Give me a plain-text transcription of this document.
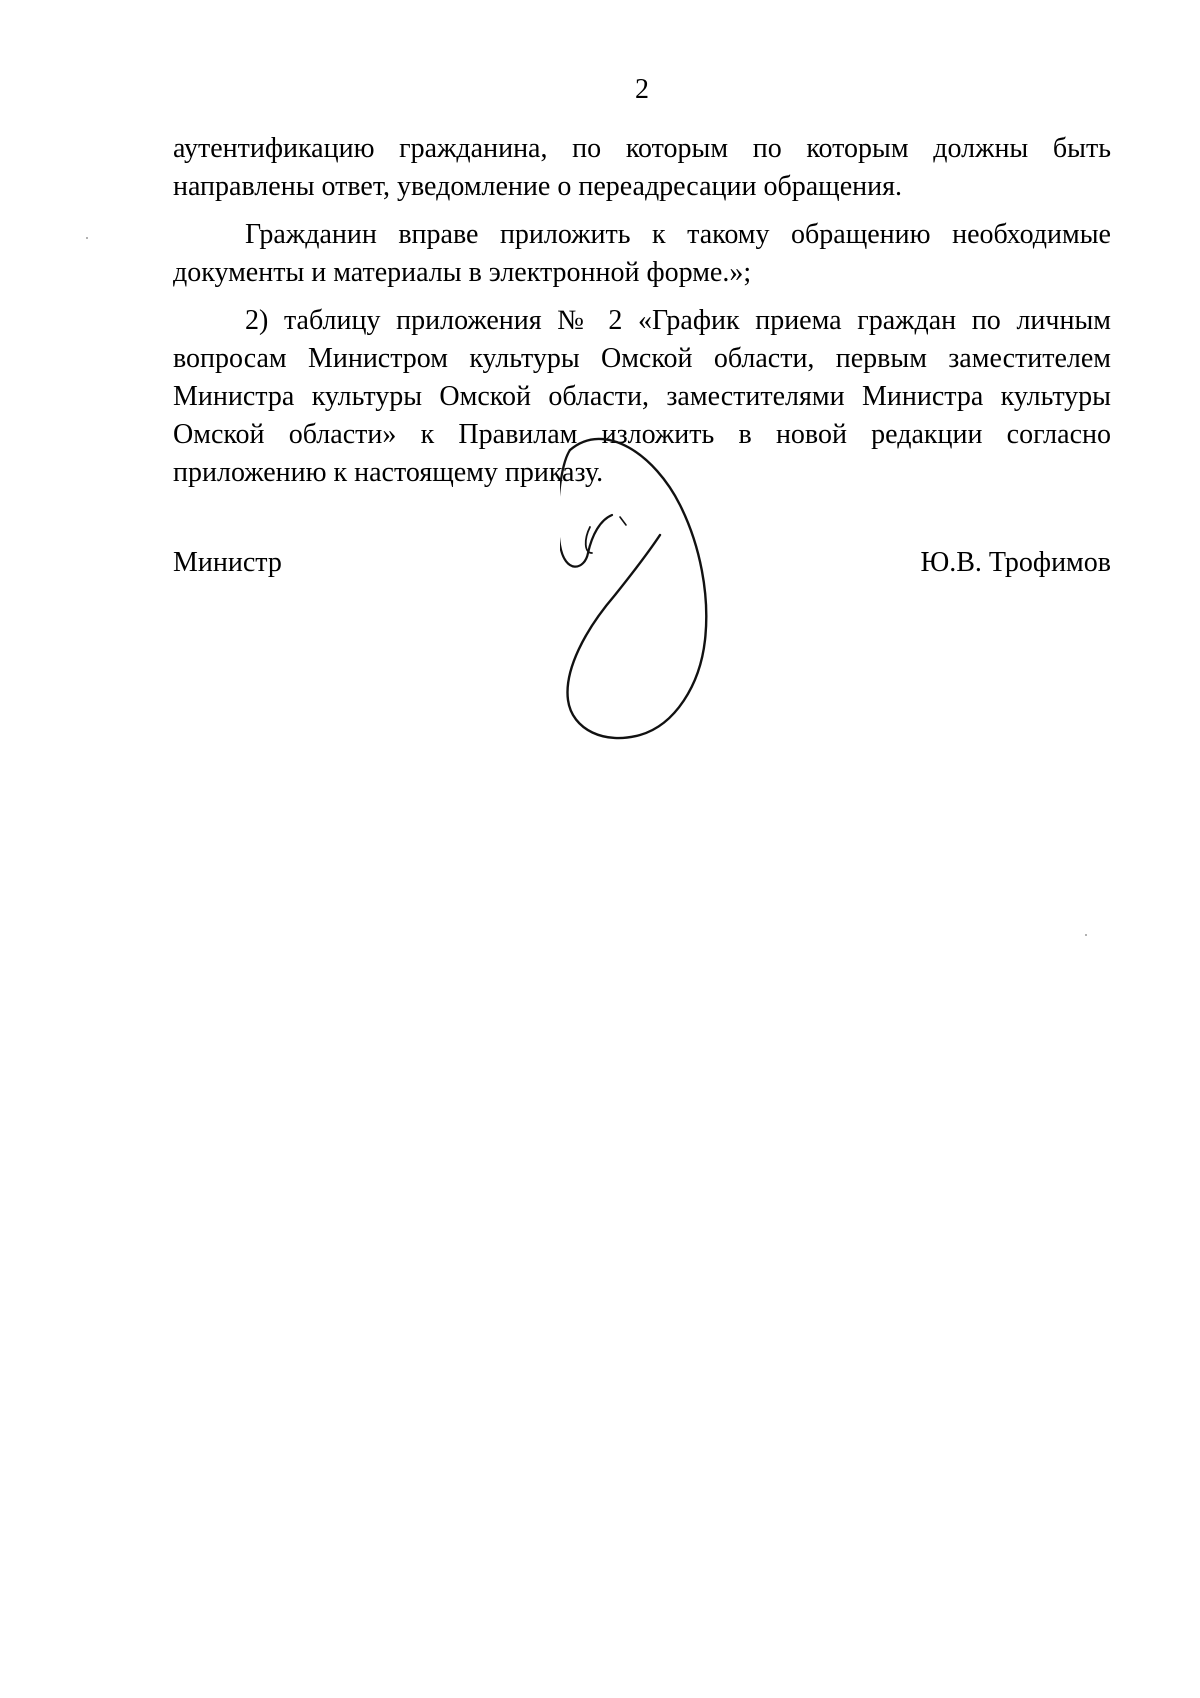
2

аутентификацию гражданина, по которым по которым должны быть направлены ответ, уведомление о переадресации обращения.

Гражданин вправе приложить к такому обращению необходимые документы и материалы в электронной форме.»;

2) таблицу приложения № 2 «График приема граждан по личным вопросам Министром культуры Омской области, первым заместителем Министра культуры Омской области, заместителями Министра культуры Омской области» к Правилам изложить в новой редакции согласно приложению к настоящему приказу.

Министр	Ю.В. Трофимов
